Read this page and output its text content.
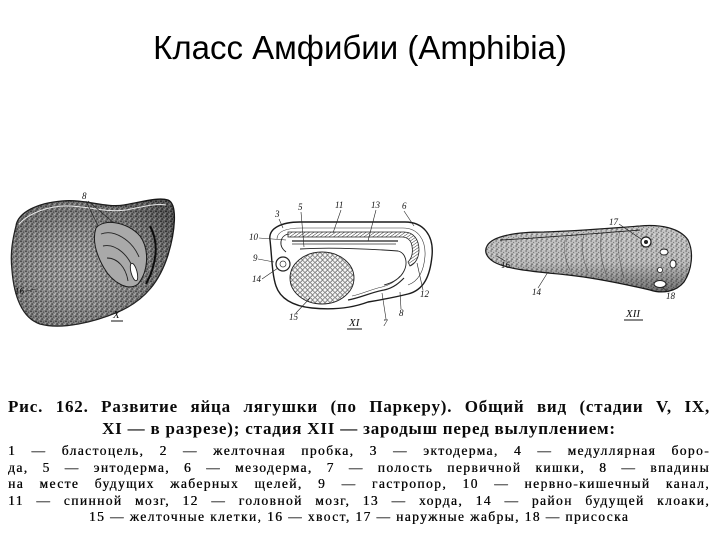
Класс Амфибии (Amphibia)
8
16
X
3
5	11	13 6
10
9
14
12
15
7
8
XI
17
16
14	18
XII
Рис. 162. Развитие яйца лягушки (по Паркеру). Общий вид (стадии V, IX,
XI — в разрезе); стадия XII — зародыш перед вылуплением:
1 — бластоцель, 2 — желточная пробка, 3 — эктодерма, 4 — медуллярная боро-
да, 5 — энтодерма, 6 — мезодерма, 7 — полость первичной кишки, 8 — впадины
на месте будущих жаберных щелей, 9 — гастропор, 10 — нервно-кишечный канал,
11 — спинной мозг, 12 — головной мозг, 13 — хорда, 14 — район будущей клоаки,
15 — желточные клетки, 16 — хвост, 17 — наружные жабры, 18 — присоска
